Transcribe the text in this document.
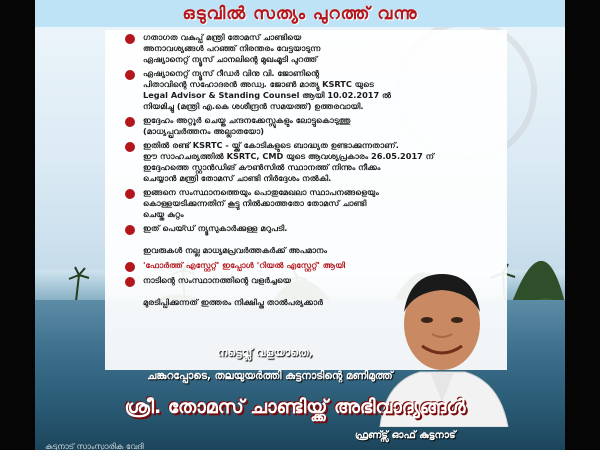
ഒടുവിൽ സത്യം പുറത്ത് വന്നു
ഗതാഗത വകുപ്പ് മന്ത്രി തോമസ് ചാണ്ടിയെ
അനാവശ്യങ്ങൾ പറഞ്ഞ് നിരന്തരം വേട്ടയാടുന്ന
ഏഷ്യാനെറ്റ് ന്യൂസ് ചാനലിന്റെ മുഖംമൂടി പുറത്ത്
ഏഷ്യാനെറ്റ് ന്യൂസ് റീഡർ വിനു വി. ജോണിന്റെ
പിതാവിന്റെ സഹോദരൻ അഡ്വ. ജോൺ മാത്യു KSRTC യുടെ
Legal Advisor & Standing Counsel ആയി 10.02.2017 ൽ
നിയമിച്ചു (മന്ത്രി എ.കെ ശശീന്ദ്രൻ സമയത്ത്) ഉത്തരവായി.
ഇദ്ദേഹം അറ്റൂർ ചെയ്ത ചന്ദനക്കേസ്സുകളും ലോട്ടുകൊടുത്തു
(മാധ്യപ്പ്രവർത്തനം അല്ലാതയോ)
ഇതിൽ രണ്ട് KSRTC - യ്ക്ക് കോടികളുടെ ബാദ്ധ്യത ഉണ്ടാക്കുന്നതാണ്.
ഈ സാഹചര്യത്തിൽ KSRTC, CMD യുടെ ആവശ്യപ്രകാരം 26.05.2017 ന്
ഇദ്ദേഹത്തെ സ്റ്റാൻഡിങ് കൗൺസിൽ സ്ഥാനത്ത് നിന്നും നീക്കം
ചെയ്യാൻ മന്ത്രി തോമസ് ചാണ്ടി നിർദ്ദേശം നൽകി.
ഇങ്ങനെ സംസ്ഥാനത്തെയും പൊതുമേഖലാ സ്ഥാപനങ്ങളെയും
കൊള്ളയടിക്കുന്നതിന് കൂട്ടു നിൽക്കാത്തതോ തോമസ് ചാണ്ടി
ചെയ്ത കുറ്റം
ഇത് പെയ്ഡ് ന്യൂസുകാർക്കുള്ള മറുപടി.
ഇവരുകൾ നല്ല മാധ്യമപ്രവർത്തകർക്ക് അപമാനം
'ഫോർത്ത് എസ്റ്റേറ്റ്' ഇപ്പോൾ 'റിയൽ എസ്റ്റേറ്റ്' ആയി
നാടിന്റെ സംസ്ഥാനത്തിന്റെ വളർച്ചയെ
മുരടിപ്പിക്കുന്നത് ഇത്തരം നിക്ഷിപ്ത താൽപര്യക്കാർ
നട്ടെല്ല് വളയാതെ,
ചങ്കുറപ്പോടെ, തലയുയർത്തി കുട്ടനാടിന്റെ മണിമുത്ത്
ശ്രീ. തോമസ് ചാണ്ടിയ്ക്ക് അഭിവാദ്യങ്ങൾ
ഫ്രണ്ട്സ് ഓഫ് കുട്ടനാട്
കുട്ടനാട് സാംസ്കാരിക വേദി
